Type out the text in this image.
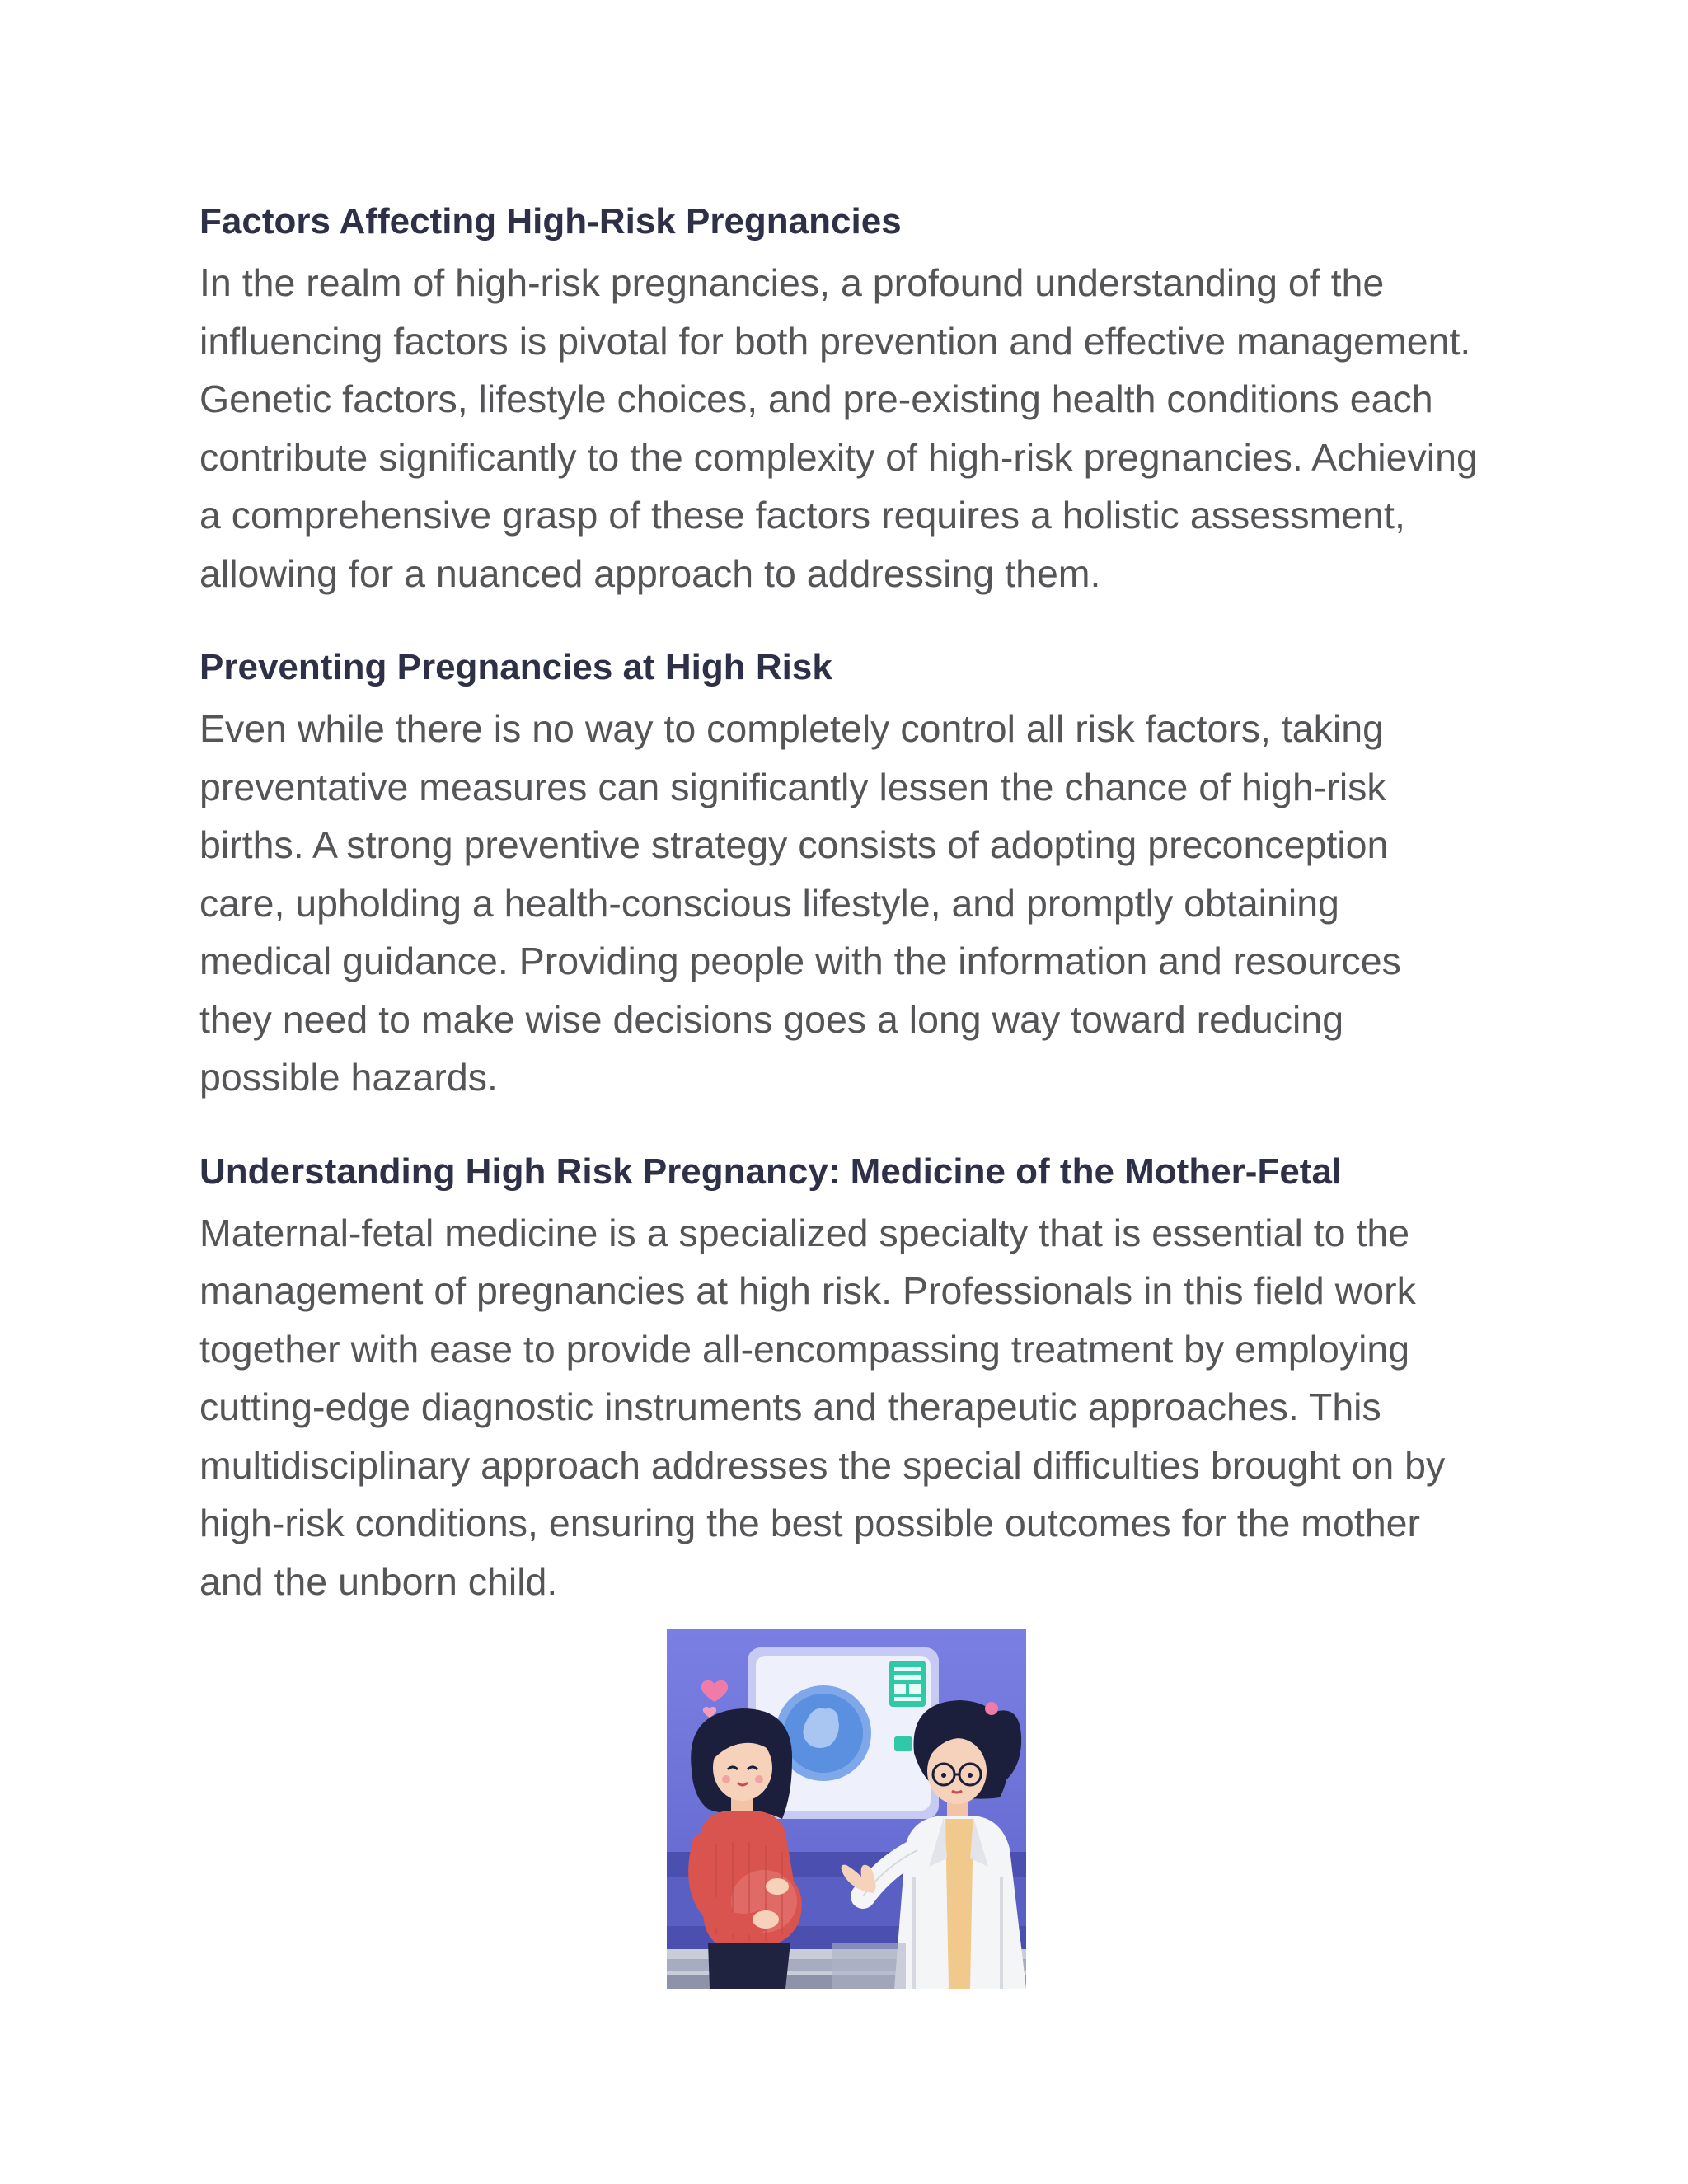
Factors Affecting High-Risk Pregnancies

In the realm of high-risk pregnancies, a profound understanding of the
influencing factors is pivotal for both prevention and effective management.
Genetic factors, lifestyle choices, and pre-existing health conditions each
contribute significantly to the complexity of high-risk pregnancies. Achieving
a comprehensive grasp of these factors requires a holistic assessment,
allowing for a nuanced approach to addressing them.

Preventing Pregnancies at High Risk

Even while there is no way to completely control all risk factors, taking
preventative measures can significantly lessen the chance of high-risk
births. A strong preventive strategy consists of adopting preconception
care, upholding a health-conscious lifestyle, and promptly obtaining
medical guidance. Providing people with the information and resources
they need to make wise decisions goes a long way toward reducing
possible hazards.

Understanding High Risk Pregnancy: Medicine of the Mother-Fetal

Maternal-fetal medicine is a specialized specialty that is essential to the
management of pregnancies at high risk. Professionals in this field work
together with ease to provide all-encompassing treatment by employing
cutting-edge diagnostic instruments and therapeutic approaches. This
multidisciplinary approach addresses the special difficulties brought on by
high-risk conditions, ensuring the best possible outcomes for the mother
and the unborn child.
